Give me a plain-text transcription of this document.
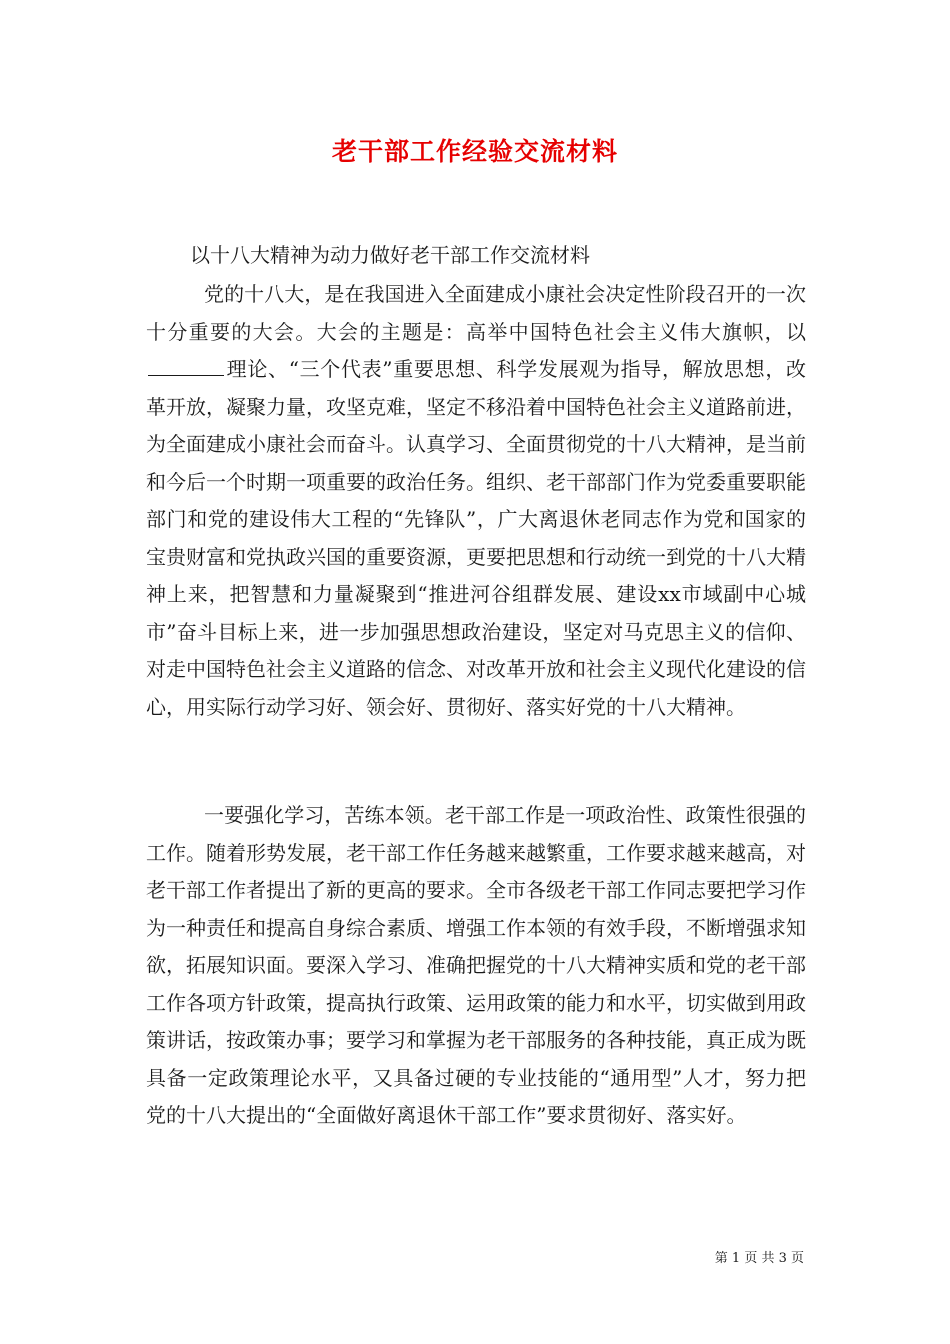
老干部工作经验交流材料
以十八大精神为动力做好老干部工作交流材料

党的十八大，是在我国进入全面建成小康社会决定性阶段召开的一次十分重要的大会。大会的主题是：高举中国特色社会主义伟大旗帜，以理论、“三个代表”重要思想、科学发展观为指导，解放思想，改革开放，凝聚力量，攻坚克难，坚定不移沿着中国特色社会主义道路前进，为全面建成小康社会而奋斗。认真学习、全面贯彻党的十八大精神，是当前和今后一个时期一项重要的政治任务。组织、老干部部门作为党委重要职能部门和党的建设伟大工程的“先锋队”，广大离退休老同志作为党和国家的宝贵财富和党执政兴国的重要资源，更要把思想和行动统一到党的十八大精神上来，把智慧和力量凝聚到“推进河谷组群发展、建设xx市域副中心城市”奋斗目标上来，进一步加强思想政治建设，坚定对马克思主义的信仰、对走中国特色社会主义道路的信念、对改革开放和社会主义现代化建设的信心，用实际行动学习好、领会好、贯彻好、落实好党的十八大精神。

一要强化学习，苦练本领。老干部工作是一项政治性、政策性很强的工作。随着形势发展，老干部工作任务越来越繁重，工作要求越来越高，对老干部工作者提出了新的更高的要求。全市各级老干部工作同志要把学习作为一种责任和提高自身综合素质、增强工作本领的有效手段，不断增强求知欲，拓展知识面。要深入学习、准确把握党的十八大精神实质和党的老干部工作各项方针政策，提高执行政策、运用政策的能力和水平，切实做到用政策讲话，按政策办事；要学习和掌握为老干部服务的各种技能，真正成为既具备一定政策理论水平，又具备过硬的专业技能的“通用型”人才，努力把党的十八大提出的“全面做好离退休干部工作”要求贯彻好、落实好。

第 1 页 共 3 页
